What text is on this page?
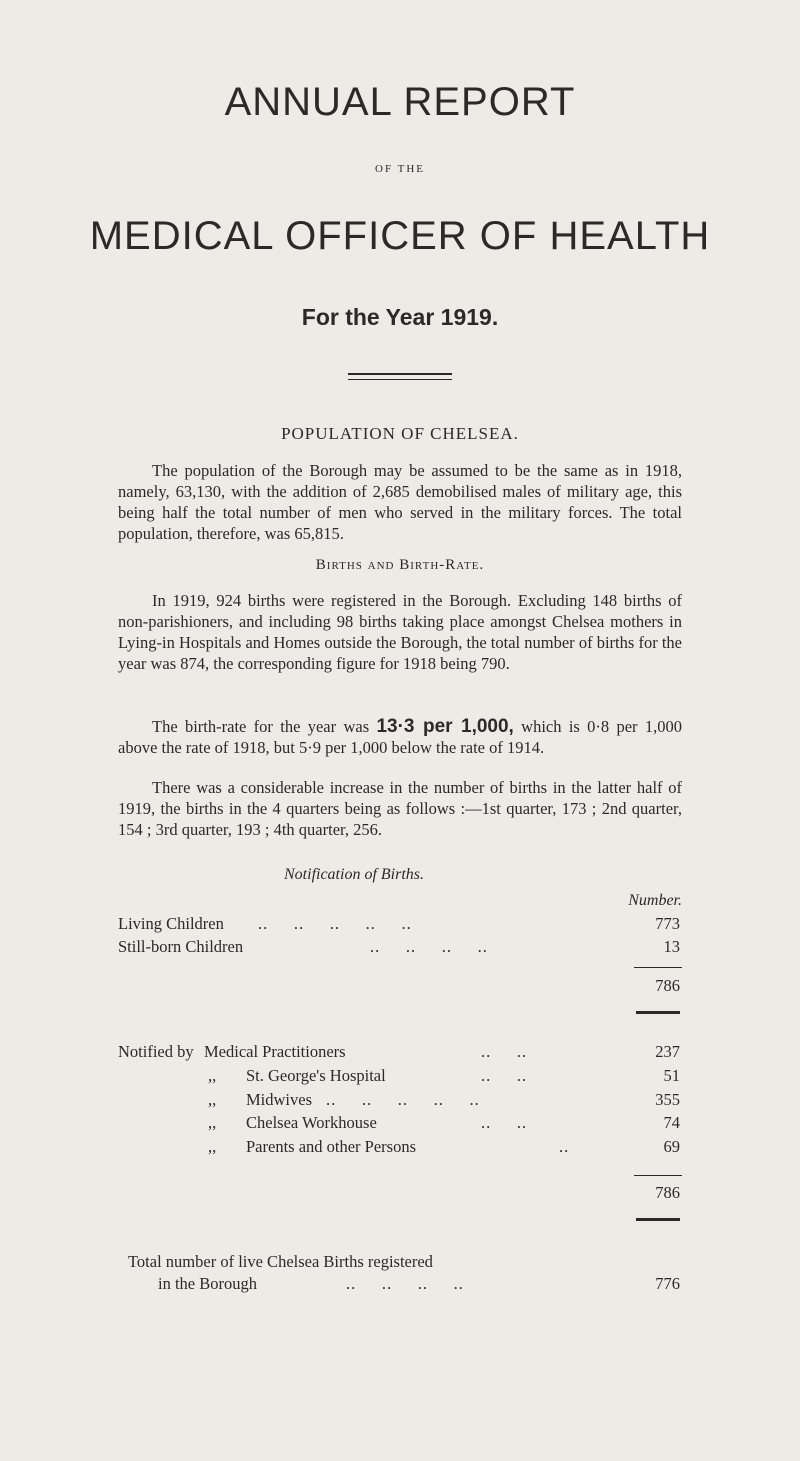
ANNUAL REPORT
OF THE
MEDICAL OFFICER OF HEALTH
For the Year 1919.
POPULATION OF CHELSEA.
The population of the Borough may be assumed to be the same as in 1918, namely, 63,130, with the addition of 2,685 demobilised males of military age, this being half the total number of men who served in the military forces. The total population, therefore, was 65,815.
Births and Birth-Rate.
In 1919, 924 births were registered in the Borough. Excluding 148 births of non-parishioners, and including 98 births taking place amongst Chelsea mothers in Lying-in Hospitals and Homes outside the Borough, the total number of births for the year was 874, the corresponding figure for 1918 being 790.
The birth-rate for the year was 13·3 per 1,000, which is 0·8 per 1,000 above the rate of 1918, but 5·9 per 1,000 below the rate of 1914.
There was a considerable increase in the number of births in the latter half of 1919, the births in the 4 quarters being as follows :—1st quarter, 173 ; 2nd quarter, 154 ; 3rd quarter, 193 ; 4th quarter, 256.
Notification of Births.
Number.
Living Children ..     ..     ..     ..     ..	773
Still-born Children	..     ..     ..     ..	13
786
Notified by Medical Practitioners	..     ..	237
,, St. George's Hospital	..     ..	51
,, Midwives ..     ..     ..     ..     ..	355
,, Chelsea Workhouse	..     ..	74
,, Parents and other Persons	..	69
786
Total number of live Chelsea Births registered
in the Borough	..     ..     ..     ..	776
